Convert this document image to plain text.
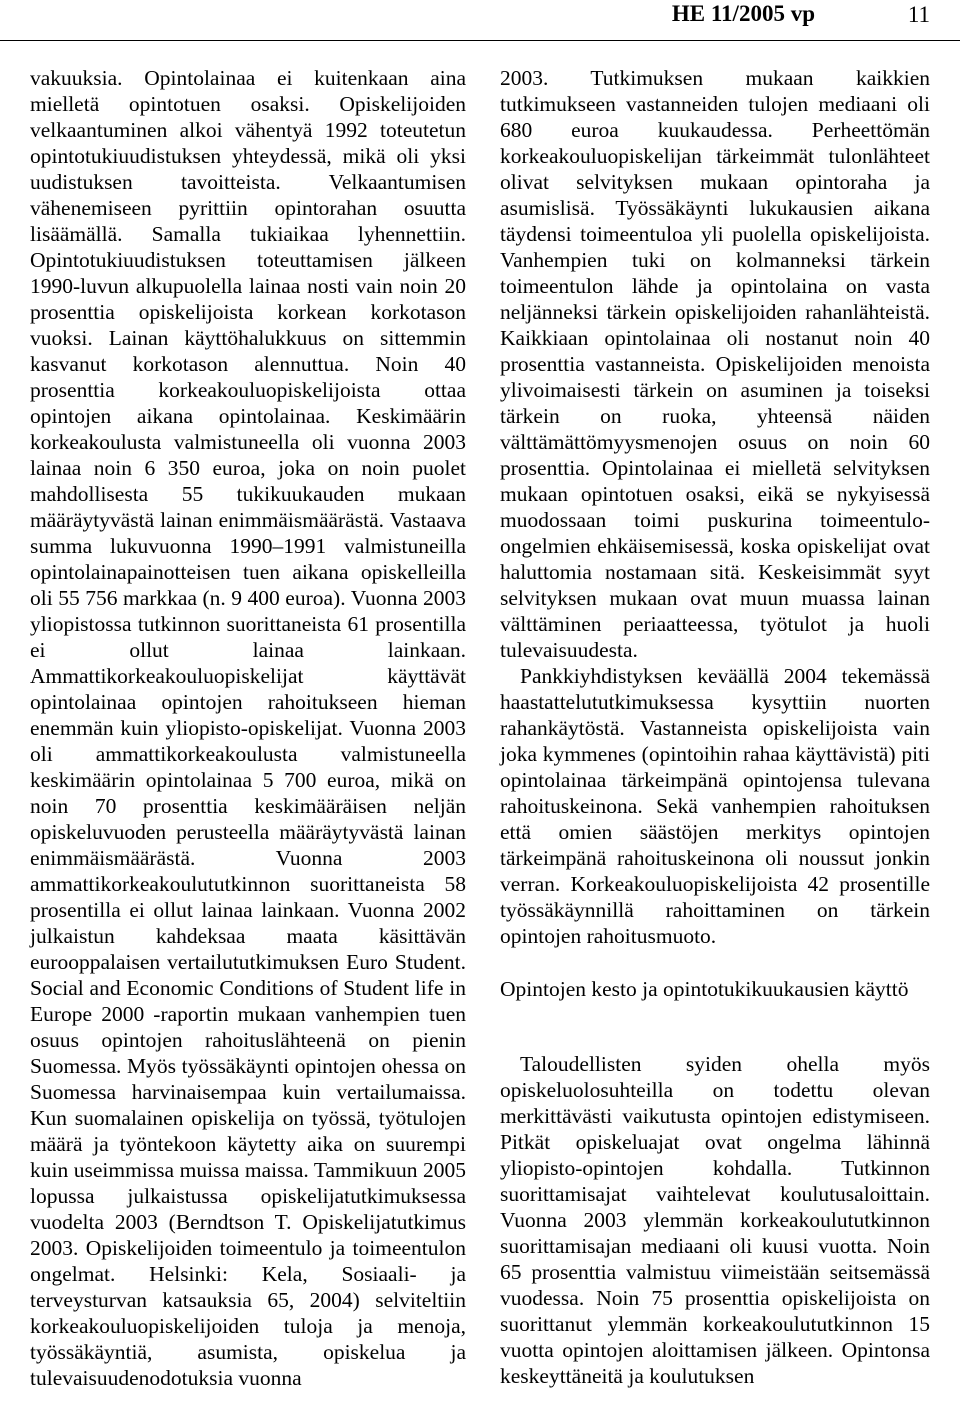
HE 11/2005 vp	11

vakuuksia. Opintolainaa ei kuitenkaan aina mielletä opintotuen osaksi. Opiskelijoiden velkaantuminen alkoi vähentyä 1992 toteutetun opintotukiuudistuksen yhteydessä, mikä oli yksi uudistuksen tavoitteista. Velkaantumisen vähenemiseen pyrittiin opintorahan osuutta lisäämällä. Samalla tukiaikaa lyhennettiin. Opintotukiuudistuksen toteuttamisen jälkeen 1990-luvun alkupuolella lainaa nosti vain noin 20 prosenttia opiskelijoista korkean korkotason vuoksi. Lainan käyttöhalukkuus on sittemmin kasvanut korkotason alennuttua. Noin 40 prosenttia korkeakouluopiskelijoista ottaa opintojen aikana opintolainaa. Keskimäärin korkeakoulusta valmistuneella oli vuonna 2003 lainaa noin 6 350 euroa, joka on noin puolet mahdollisesta 55 tukikuukauden mukaan määräytyvästä lainan enimmäismäärästä. Vastaava summa lukuvuonna 1990–1991 valmistuneilla opintolainapainotteisen tuen aikana opiskelleilla oli 55 756 markkaa (n. 9 400 euroa). Vuonna 2003 yliopistossa tutkinnon suorittaneista 61 prosentilla ei ollut lainaa lainkaan. Ammattikorkeakouluopiskelijat käyttävät opintolainaa opintojen rahoitukseen hieman enemmän kuin yliopisto-opiskelijat. Vuonna 2003 oli ammattikorkeakoulusta valmistuneella keskimäärin opintolainaa 5 700 euroa, mikä on noin 70 prosenttia keskimääräisen neljän opiskeluvuoden perusteella määräytyvästä lainan enimmäismäärästä. Vuonna 2003 ammattikorkeakoulututkinnon suorittaneista 58 prosentilla ei ollut lainaa lainkaan. Vuonna 2002 julkaistun kahdeksaa maata käsittävän eurooppalaisen vertailututkimuksen Euro Student. Social and Economic Conditions of Student life in Europe 2000 -raportin mukaan vanhempien tuen osuus opintojen rahoituslähteenä on pienin Suomessa. Myös työssäkäynti opintojen ohessa on Suomessa harvinaisempaa kuin vertailumaissa. Kun suomalainen opiskelija on työssä, työtulojen määrä ja työntekoon käytetty aika on suurempi kuin useimmissa muissa maissa. Tammikuun 2005 lopussa julkaistussa opiskelijatutkimuksessa vuodelta 2003 (Berndtson T. Opiskelijatutkimus 2003. Opiskelijoiden toimeentulo ja toimeentulon ongelmat. Helsinki: Kela, Sosiaali- ja terveysturvan katsauksia 65, 2004) selviteltiin korkeakouluopiskelijoiden tuloja ja menoja, työssäkäyntiä, asumista, opiskelua ja tulevaisuudenodotuksia vuonna

2003. Tutkimuksen mukaan kaikkien tutkimukseen vastanneiden tulojen mediaani oli 680 euroa kuukaudessa. Perheettömän korkeakouluopiskelijan tärkeimmät tulonlähteet olivat selvityksen mukaan opintoraha ja asumislisä. Työssäkäynti lukukausien aikana täydensi toimeentuloa yli puolella opiskelijoista. Vanhempien tuki on kolmanneksi tärkein toimeentulon lähde ja opintolaina on vasta neljänneksi tärkein opiskelijoiden rahanlähteistä. Kaikkiaan opintolainaa oli nostanut noin 40 prosenttia vastanneista. Opiskelijoiden menoista ylivoimaisesti tärkein on asuminen ja toiseksi tärkein on ruoka, yhteensä näiden välttämättömyysmenojen osuus on noin 60 prosenttia. Opintolainaa ei mielletä selvityksen mukaan opintotuen osaksi, eikä se nykyisessä muodossaan toimi puskurina toimeentulo-ongelmien ehkäisemisessä, koska opiskelijat ovat haluttomia nostamaan sitä. Keskeisimmät syyt selvityksen mukaan ovat muun muassa lainan välttäminen periaatteessa, työtulot ja huoli tulevaisuudesta.

Pankkiyhdistyksen keväällä 2004 tekemässä haastattelututkimuksessa kysyttiin nuorten rahankäytöstä. Vastanneista opiskelijoista vain joka kymmenes (opintoihin rahaa käyttävistä) piti opintolainaa tärkeimpänä opintojensa tulevana rahoituskeinona. Sekä vanhempien rahoituksen että omien säästöjen merkitys opintojen tärkeimpänä rahoituskeinona oli noussut jonkin verran. Korkeakouluopiskelijoista 42 prosentille työssäkäynnillä rahoittaminen on tärkein opintojen rahoitusmuoto.

Opintojen kesto ja opintotukikuukausien käyttö

Taloudellisten syiden ohella myös opiskeluolosuhteilla on todettu olevan merkittävästi vaikutusta opintojen edistymiseen. Pitkät opiskeluajat ovat ongelma lähinnä yliopisto-opintojen kohdalla. Tutkinnon suorittamisajat vaihtelevat koulutusaloittain. Vuonna 2003 ylemmän korkeakoulututkinnon suorittamisajan mediaani oli kuusi vuotta. Noin 65 prosenttia valmistuu viimeistään seitsemässä vuodessa. Noin 75 prosenttia opiskelijoista on suorittanut ylemmän korkeakoulututkinnon 15 vuotta opintojen aloittamisen jälkeen. Opintonsa keskeyttäneitä ja koulutuksen
